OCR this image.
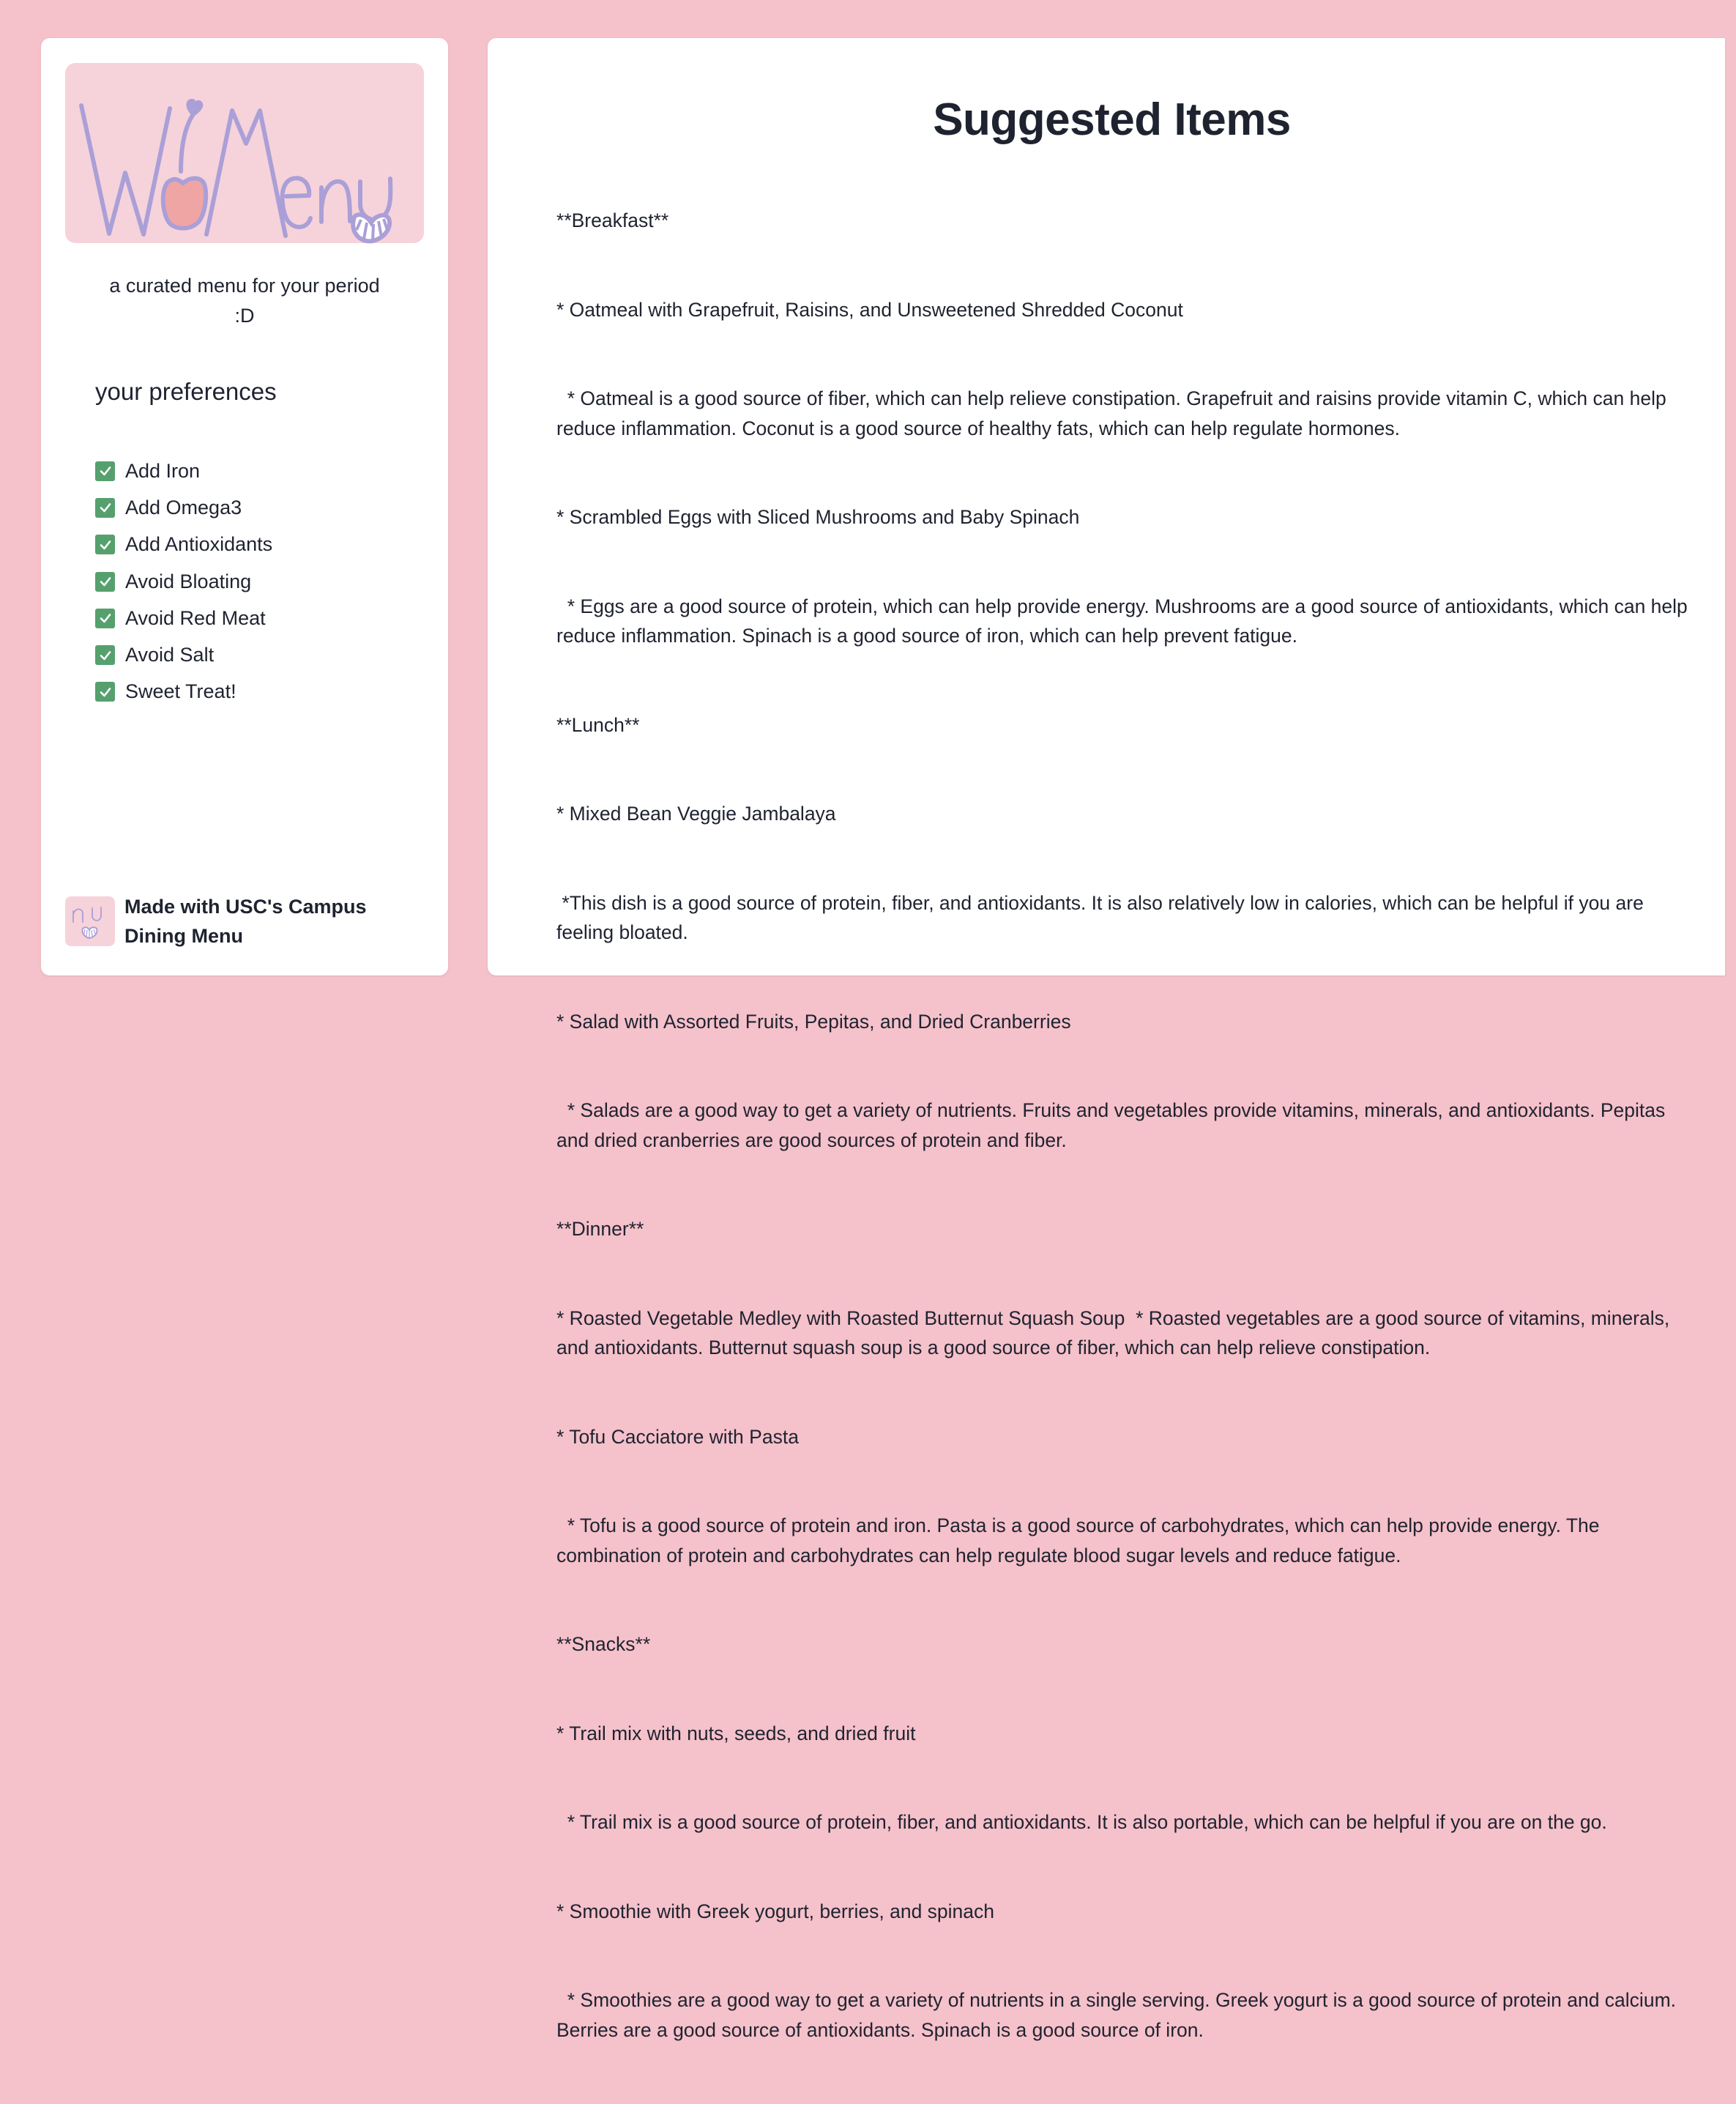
a curated menu for your period
:D
your preferences
Add Iron
Add Omega3
Add Antioxidants
Avoid Bloating
Avoid Red Meat
Avoid Salt
Sweet Treat!
Made with USC's Campus Dining Menu
Suggested Items

**Breakfast**

* Oatmeal with Grapefruit, Raisins, and Unsweetened Shredded Coconut

* Oatmeal is a good source of fiber, which can help relieve constipation. Grapefruit and raisins provide vitamin C, which can help reduce inflammation. Coconut is a good source of healthy fats, which can help regulate hormones.

* Scrambled Eggs with Sliced Mushrooms and Baby Spinach

* Eggs are a good source of protein, which can help provide energy. Mushrooms are a good source of antioxidants, which can help reduce inflammation. Spinach is a good source of iron, which can help prevent fatigue.

**Lunch**

* Mixed Bean Veggie Jambalaya

*This dish is a good source of protein, fiber, and antioxidants. It is also relatively low in calories, which can be helpful if you are feeling bloated.

* Salad with Assorted Fruits, Pepitas, and Dried Cranberries

* Salads are a good way to get a variety of nutrients. Fruits and vegetables provide vitamins, minerals, and antioxidants. Pepitas and dried cranberries are good sources of protein and fiber.

**Dinner**

* Roasted Vegetable Medley with Roasted Butternut Squash Soup  * Roasted vegetables are a good source of vitamins, minerals, and antioxidants. Butternut squash soup is a good source of fiber, which can help relieve constipation.

* Tofu Cacciatore with Pasta

* Tofu is a good source of protein and iron. Pasta is a good source of carbohydrates, which can help provide energy. The combination of protein and carbohydrates can help regulate blood sugar levels and reduce fatigue.

**Snacks**

* Trail mix with nuts, seeds, and dried fruit

* Trail mix is a good source of protein, fiber, and antioxidants. It is also portable, which can be helpful if you are on the go.

* Smoothie with Greek yogurt, berries, and spinach

* Smoothies are a good way to get a variety of nutrients in a single serving. Greek yogurt is a good source of protein and calcium. Berries are a good source of antioxidants. Spinach is a good source of iron.
